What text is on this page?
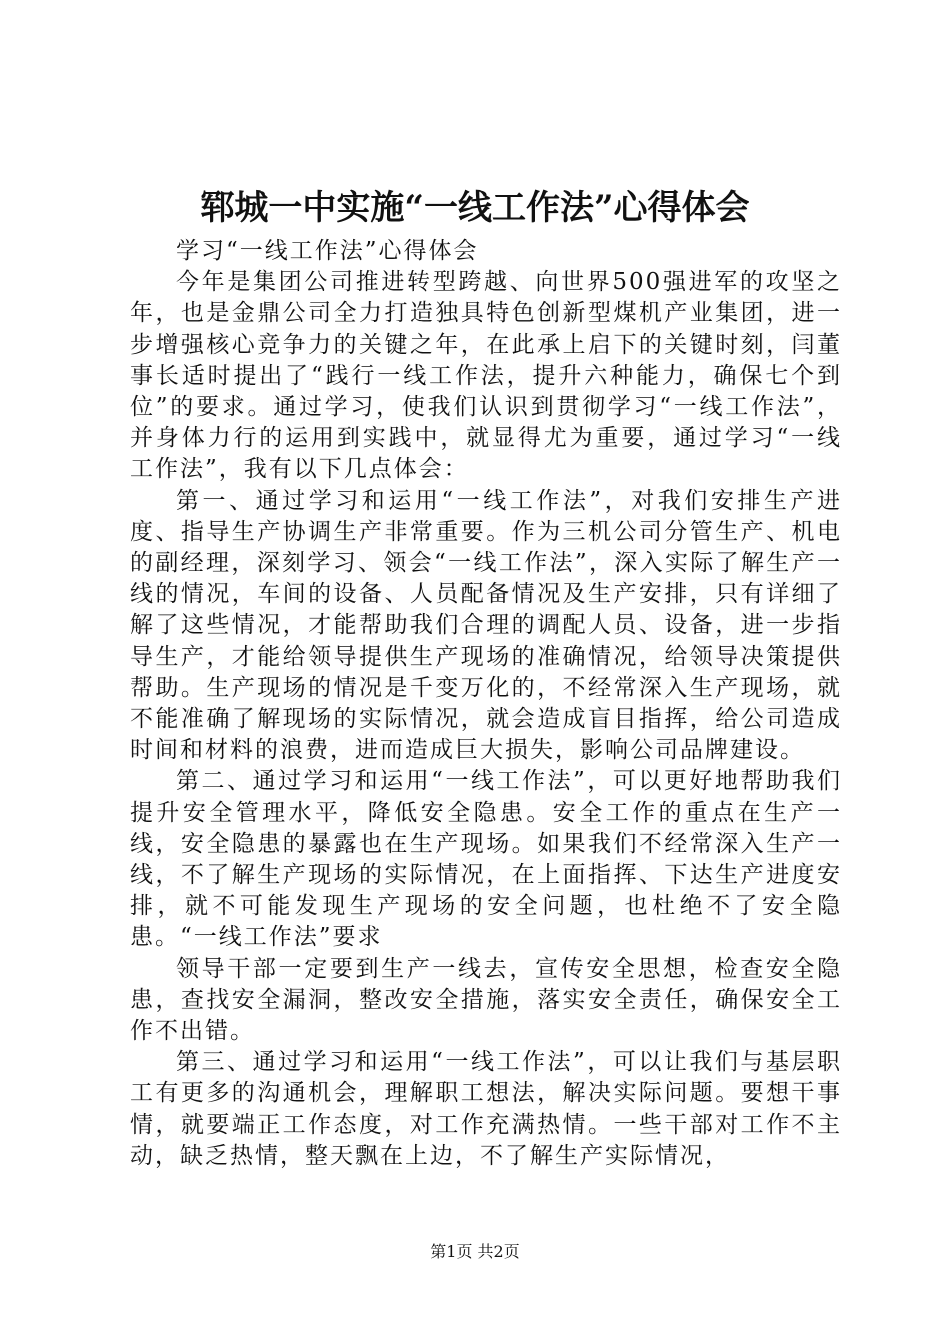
郓城一中实施“一线工作法”心得体会

学习“一线工作法”心得体会

今年是集团公司推进转型跨越、向世界500强进军的攻坚之年，也是金鼎公司全力打造独具特色创新型煤机产业集团，进一步增强核心竞争力的关键之年，在此承上启下的关键时刻，闫董事长适时提出了“践行一线工作法，提升六种能力，确保七个到位”的要求。通过学习，使我们认识到贯彻学习“一线工作法”，并身体力行的运用到实践中，就显得尤为重要，通过学习“一线工作法”，我有以下几点体会：

第一、通过学习和运用“一线工作法”，对我们安排生产进度、指导生产协调生产非常重要。作为三机公司分管生产、机电的副经理，深刻学习、领会“一线工作法”，深入实际了解生产一线的情况，车间的设备、人员配备情况及生产安排，只有详细了解了这些情况，才能帮助我们合理的调配人员、设备，进一步指导生产，才能给领导提供生产现场的准确情况，给领导决策提供帮助。生产现场的情况是千变万化的，不经常深入生产现场，就不能准确了解现场的实际情况，就会造成盲目指挥，给公司造成时间和材料的浪费，进而造成巨大损失，影响公司品牌建设。

第二、通过学习和运用“一线工作法”，可以更好地帮助我们提升安全管理水平，降低安全隐患。安全工作的重点在生产一线，安全隐患的暴露也在生产现场。如果我们不经常深入生产一线，不了解生产现场的实际情况，在上面指挥、下达生产进度安排，就不可能发现生产现场的安全问题，也杜绝不了安全隐患。“一线工作法”要求

领导干部一定要到生产一线去，宣传安全思想，检查安全隐患，查找安全漏洞，整改安全措施，落实安全责任，确保安全工作不出错。

第三、通过学习和运用“一线工作法”，可以让我们与基层职工有更多的沟通机会，理解职工想法，解决实际问题。要想干事情，就要端正工作态度，对工作充满热情。一些干部对工作不主动，缺乏热情，整天飘在上边，不了解生产实际情况，

第1页 共2页
